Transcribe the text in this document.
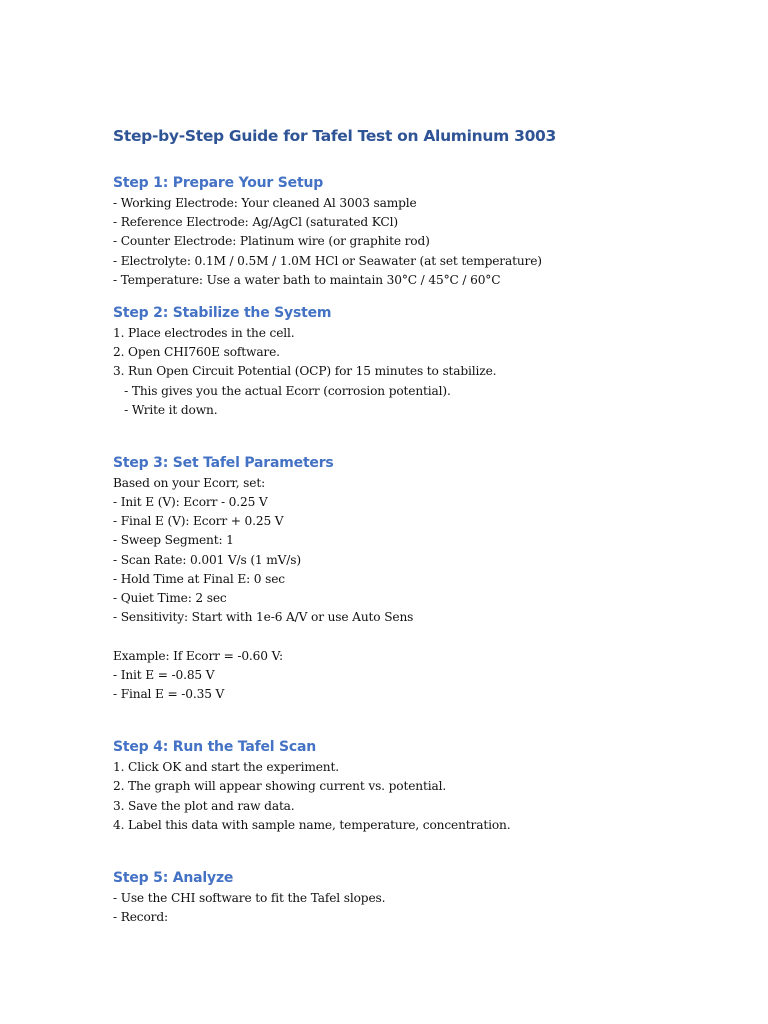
Step-by-Step Guide for Tafel Test on Aluminum 3003
Step 1: Prepare Your Setup
- Working Electrode: Your cleaned Al 3003 sample
- Reference Electrode: Ag/AgCl (saturated KCl)
- Counter Electrode: Platinum wire (or graphite rod)
- Electrolyte: 0.1M / 0.5M / 1.0M HCl or Seawater (at set temperature)
- Temperature: Use a water bath to maintain 30°C / 45°C / 60°C
Step 2: Stabilize the System
1. Place electrodes in the cell.
2. Open CHI760E software.
3. Run Open Circuit Potential (OCP) for 15 minutes to stabilize.
- This gives you the actual Ecorr (corrosion potential).
- Write it down.
Step 3: Set Tafel Parameters
Based on your Ecorr, set:
- Init E (V): Ecorr - 0.25 V
- Final E (V): Ecorr + 0.25 V
- Sweep Segment: 1
- Scan Rate: 0.001 V/s (1 mV/s)
- Hold Time at Final E: 0 sec
- Quiet Time: 2 sec
- Sensitivity: Start with 1e-6 A/V or use Auto Sens
Example: If Ecorr = -0.60 V:
- Init E = -0.85 V
- Final E = -0.35 V
Step 4: Run the Tafel Scan
1. Click OK and start the experiment.
2. The graph will appear showing current vs. potential.
3. Save the plot and raw data.
4. Label this data with sample name, temperature, concentration.
Step 5: Analyze
- Use the CHI software to fit the Tafel slopes.
- Record:
